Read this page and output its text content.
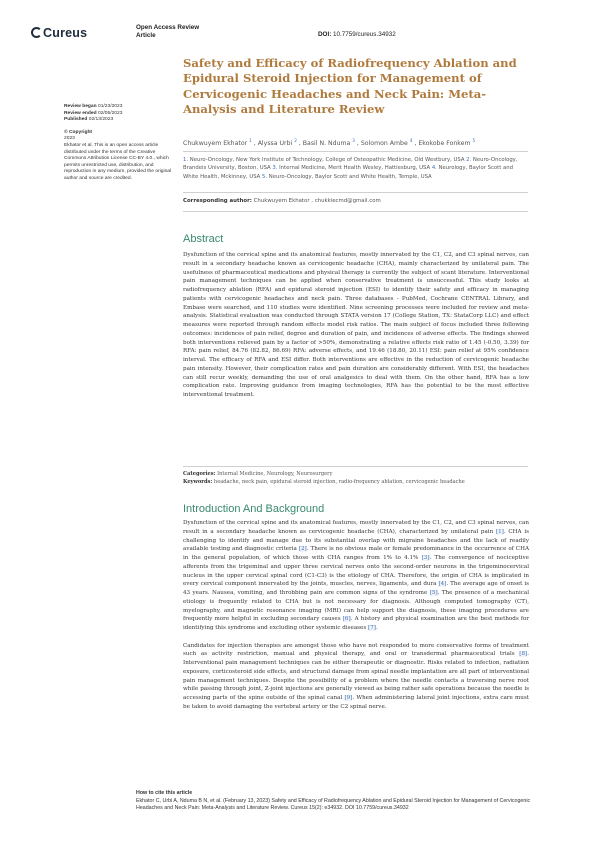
Cureus	Open Access Review
Article	DOI: 10.7759/cureus.34932
Review began 01/23/2023
Review ended 02/05/2023
Published 02/13/2023
© Copyright
2023
Ekhator et al. This is an open access article distributed under the terms of the Creative Commons Attribution License CC-BY 4.0., which permits unrestricted use, distribution, and reproduction in any medium, provided the original author and source are credited.
Safety and Efficacy of Radiofrequency Ablation and Epidural Steroid Injection for Management of Cervicogenic Headaches and Neck Pain: Meta-Analysis and Literature Review
Chukwuyem Ekhator $^1$ , Alyssa Urbi $^2$ , Basil N. Nduma $^3$ , Solomon Ambe $^4$ , Ekokobe Fonkem $^5$
1. Neuro-Oncology, New York Institute of Technology, College of Osteopathic Medicine, Old Westbury, USA 2. Neuro-Oncology, Brandeis University, Boston, USA 3. Internal Medicine, Merit Health Wesley, Hattiesburg, USA 4. Neurology, Baylor Scott and White Health, Mckinney, USA 5. Neuro-Oncology, Baylor Scott and White Health, Temple, USA
Corresponding author: Chukwuyem Ekhator , chukkiecmd@gmail.com
Abstract

Dysfunction of the cervical spine and its anatomical features, mostly innervated by the C1, C2, and C3 spinal nerves, can result in a secondary headache known as cervicogenic headache (CHA), mainly characterized by unilateral pain. The usefulness of pharmaceutical medications and physical therapy is currently the subject of scant literature. Interventional pain management techniques can be applied when conservative treatment is unsuccessful. This study looks at radiofrequency ablation (RFA) and epidural steroid injection (ESI) to identify their safety and efficacy in managing patients with cervicogenic headaches and neck pain. Three databases - PubMed, Cochrane CENTRAL Library, and Embase were searched, and 110 studies were identified. Nine screening processes were included for review and meta-analysis. Statistical evaluation was conducted through STATA version 17 (College Station, TX: StataCorp LLC) and effect measures were reported through random effects model risk ratios. The main subject of focus included three following outcomes: incidences of pain relief, degree and duration of pain, and incidences of adverse effects. The findings showed both interventions relieved pain by a factor of >50%, demonstrating a relative effects risk ratio of 1.45 (-0.50, 3.39) for RFA: pain relief, 84.76 (82.82, 86.69) RFA: adverse effects, and 19.46 (18.80, 20.11) ESI: pain relief at 95% confidence interval. The efficacy of RFA and ESI differ. Both interventions are effective in the reduction of cervicogenic headache pain intensity. However, their complication rates and pain duration are considerably different. With ESI, the headaches can still recur weekly, demanding the use of oral analgesics to deal with them. On the other hand, RFA has a low complication rate. Improving guidance from imaging technologies, RFA has the potential to be the most effective interventional treatment.

Categories: Internal Medicine, Neurology, Neurosurgery
Keywords: headache, neck pain, epidural steroid injection, radio-frequency ablation, cervicogenic headache
Introduction And Background

Dysfunction of the cervical spine and its anatomical features, mostly innervated by the C1, C2, and C3 spinal nerves, can result in a secondary headache known as cervicogenic headache (CHA), characterized by unilateral pain [1]. CHA is challenging to identify and manage due to its substantial overlap with migraine headaches and the lack of readily available testing and diagnostic criteria [2]. There is no obvious male or female predominance in the occurrence of CHA in the general population, of which those with CHA ranges from 1% to 4.1% [3]. The convergence of nociceptive afferents from the trigeminal and upper three cervical nerves onto the second-order neurons in the trigeminocervical nucleus in the upper cervical spinal cord (C1-C3) is the etiology of CHA. Therefore, the origin of CHA is implicated in every cervical component innervated by the joints, muscles, nerves, ligaments, and dura [4]. The average age of onset is 43 years. Nausea, vomiting, and throbbing pain are common signs of the syndrome [5]. The presence of a mechanical etiology is frequently related to CHA but is not necessary for diagnosis. Although computed tomography (CT), myelography, and magnetic resonance imaging (MRI) can help support the diagnosis, these imaging procedures are frequently more helpful in excluding secondary causes [6]. A history and physical examination are the best methods for identifying this syndrome and excluding other systemic diseases [7].

Candidates for injection therapies are amongst those who have not responded to more conservative forms of treatment such as activity restriction, manual and physical therapy, and oral or transdermal pharmaceutical trials [8]. Interventional pain management techniques can be either therapeutic or diagnostic. Risks related to infection, radiation exposure, corticosteroid side effects, and structural damage from spinal needle implantation are all part of interventional pain management techniques. Despite the possibility of a problem where the needle contacts a traversing nerve root while passing through joint, Z-joint injections are generally viewed as being rather safe operations because the needle is accessing parts of the spine outside of the spinal canal [9]. When administering lateral joint injections, extra care must be taken to avoid damaging the vertebral artery or the C2 spinal nerve.

How to cite this article
Ekhator C, Urbi A, Nduma B N, et al. (February 13, 2023) Safety and Efficacy of Radiofrequency Ablation and Epidural Steroid Injection for Management of Cervicogenic Headaches and Neck Pain: Meta-Analysis and Literature Review. Cureus 15(2): e34932. DOI 10.7759/cureus.34932
